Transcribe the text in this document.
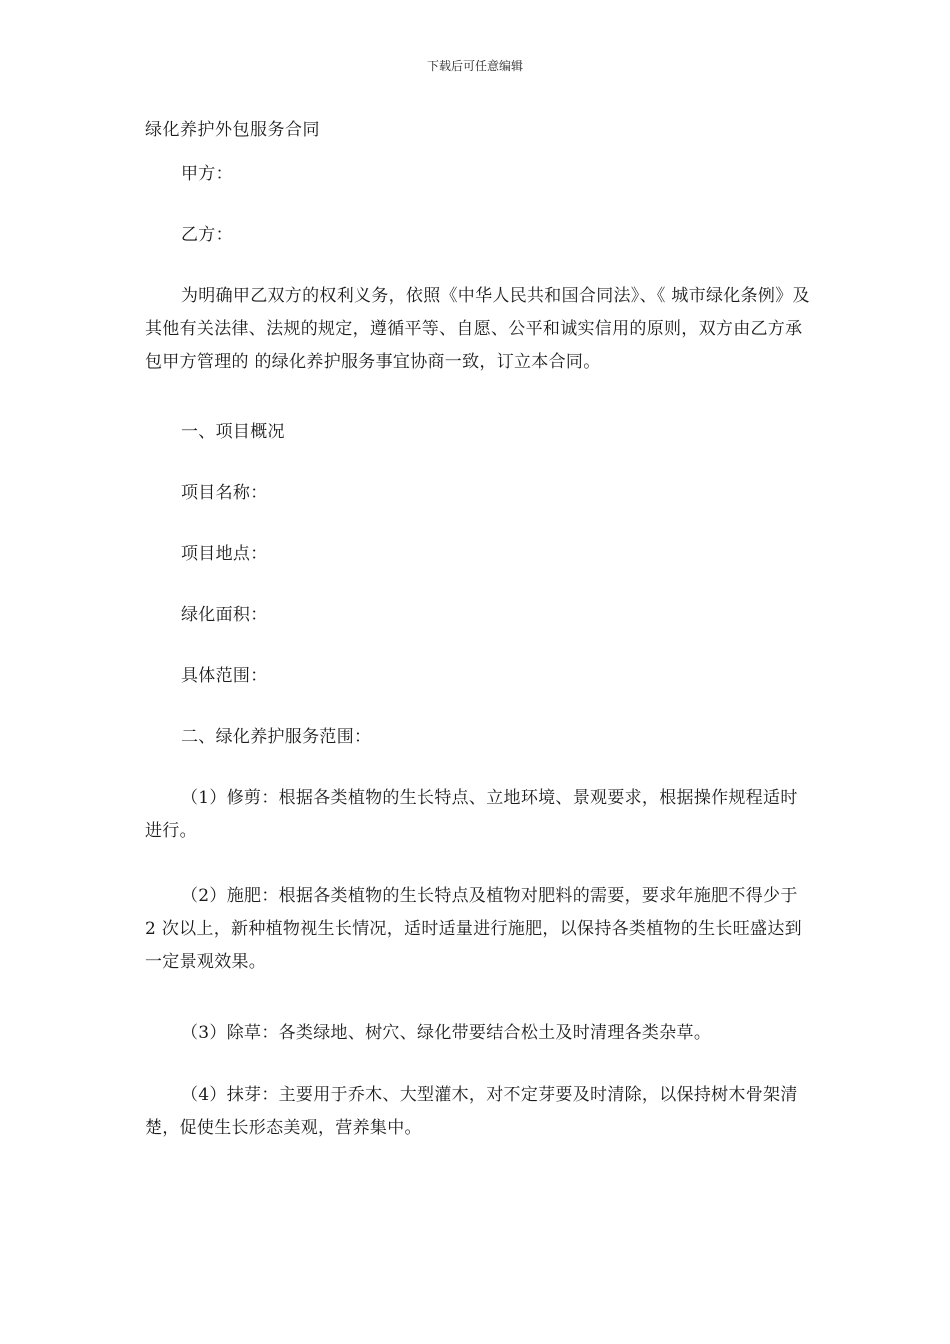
下载后可任意编辑
绿化养护外包服务合同

甲方：

乙方：

为明确甲乙双方的权利义务，依照《中华人民共和国合同法》、《 城市绿化条例》及其他有关法律、法规的规定，遵循平等、自愿、公平和诚实信用的原则，双方由乙方承包甲方管理的 的绿化养护服务事宜协商一致，订立本合同。

一、项目概况

项目名称：

项目地点：

绿化面积：

具体范围：

二、绿化养护服务范围：

（1）修剪：根据各类植物的生长特点、立地环境、景观要求，根据操作规程适时进行。

（2）施肥：根据各类植物的生长特点及植物对肥料的需要，要求年施肥不得少于 2 次以上，新种植物视生长情况，适时适量进行施肥，以保持各类植物的生长旺盛达到一定景观效果。

（3）除草：各类绿地、树穴、绿化带要结合松土及时清理各类杂草。

（4）抹芽：主要用于乔木、大型灌木，对不定芽要及时清除，以保持树木骨架清楚，促使生长形态美观，营养集中。
